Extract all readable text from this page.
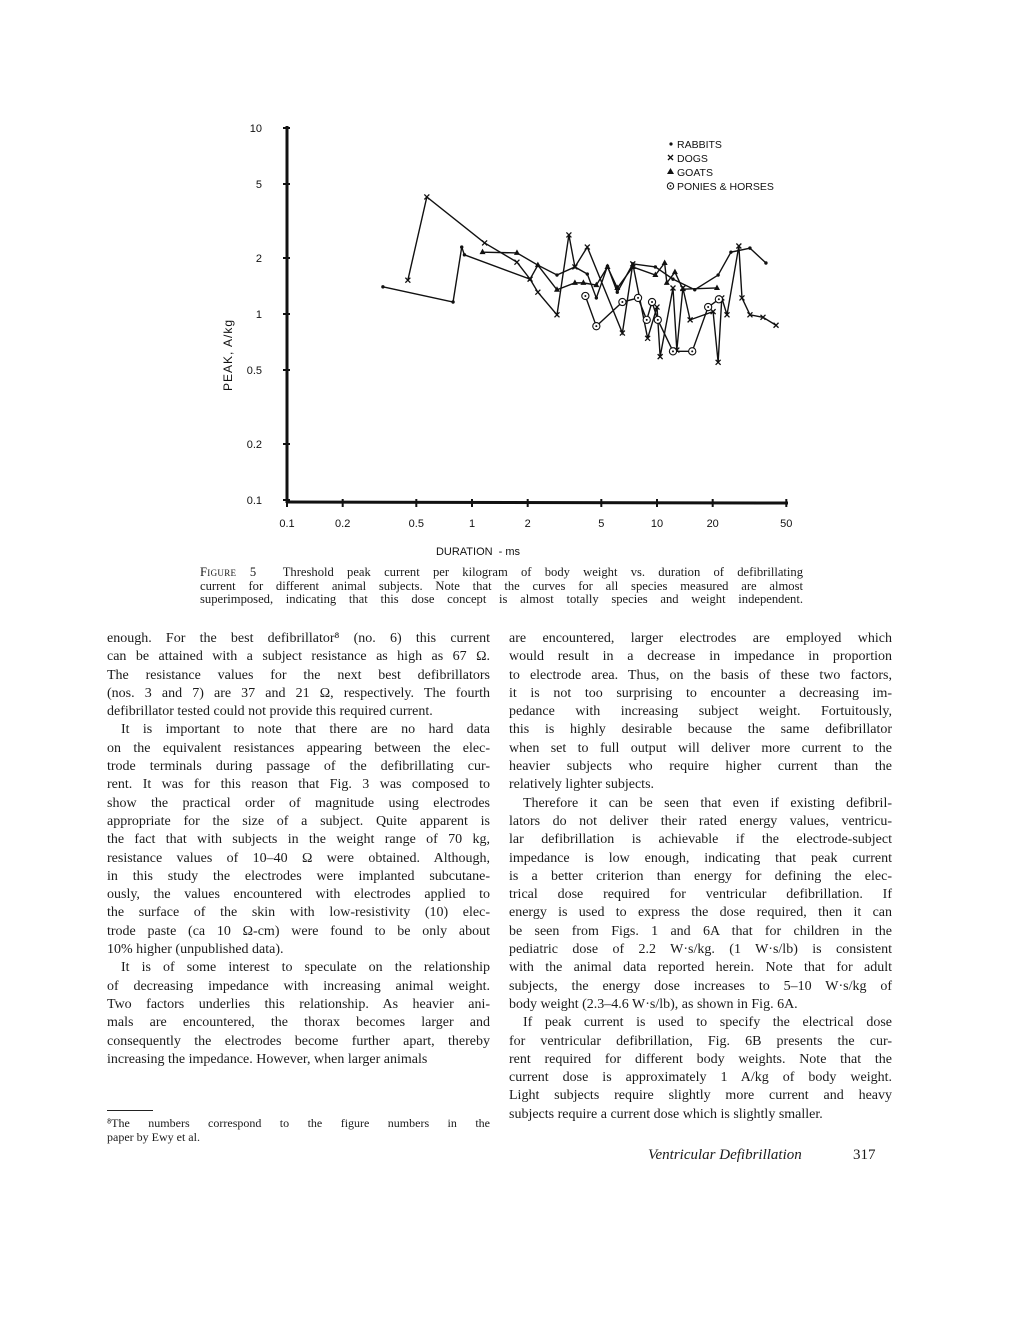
10
5
2
1
0.5
0.2
0.1
0.1	0.2	0.5	1	2	5	10	20	50
PEAK, A/kg
DURATION  - ms
RABBITS
DOGS
GOATS
PONIES & HORSES
Figure 5 Threshold peak current per kilogram of body weight vs. duration of defibrillating
current for different animal subjects. Note that the curves for all species measured are almost
superimposed, indicating that this dose concept is almost totally species and weight independent.
enough. For the best defibrillator⁸ (no. 6) this current
can be attained with a subject resistance as high as 67 Ω.
The resistance values for the next best defibrillators
(nos. 3 and 7) are 37 and 21 Ω, respectively. The fourth
defibrillator tested could not provide this required current.
It is important to note that there are no hard data
on the equivalent resistances appearing between the elec-
trode terminals during passage of the defibrillating cur-
rent. It was for this reason that Fig. 3 was composed to
show the practical order of magnitude using electrodes
appropriate for the size of a subject. Quite apparent is
the fact that with subjects in the weight range of 70 kg,
resistance values of 10–40 Ω were obtained. Although,
in this study the electrodes were implanted subcutane-
ously, the values encountered with electrodes applied to
the surface of the skin with low-resistivity (10) elec-
trode paste (ca 10 Ω-cm) were found to be only about
10% higher (unpublished data).
It is of some interest to speculate on the relationship
of decreasing impedance with increasing animal weight.
Two factors underlies this relationship. As heavier ani-
mals are encountered, the thorax becomes larger and
consequently the electrodes become further apart, thereby
increasing the impedance. However, when larger animals
are encountered, larger electrodes are employed which
would result in a decrease in impedance in proportion
to electrode area. Thus, on the basis of these two factors,
it is not too surprising to encounter a decreasing im-
pedance with increasing subject weight. Fortuitously,
this is highly desirable because the same defibrillator
when set to full output will deliver more current to the
heavier subjects who require higher current than the
relatively lighter subjects.
Therefore it can be seen that even if existing defibril-
lators do not deliver their rated energy values, ventricu-
lar defibrillation is achievable if the electrode-subject
impedance is low enough, indicating that peak current
is a better criterion than energy for defining the elec-
trical dose required for ventricular defibrillation. If
energy is used to express the dose required, then it can
be seen from Figs. 1 and 6A that for children in the
pediatric dose of 2.2 W·s/kg. (1 W·s/lb) is consistent
with the animal data reported herein. Note that for adult
subjects, the energy dose increases to 5–10 W·s/kg of
body weight (2.3–4.6 W·s/lb), as shown in Fig. 6A.
If peak current is used to specify the electrical dose
for ventricular defibrillation, Fig. 6B presents the cur-
rent required for different body weights. Note that the
current dose is approximately 1 A/kg of body weight.
Light subjects require slightly more current and heavy
subjects require a current dose which is slightly smaller.
⁸The numbers correspond to the figure numbers in the
paper by Ewy et al.
Ventricular Defibrillation	317
